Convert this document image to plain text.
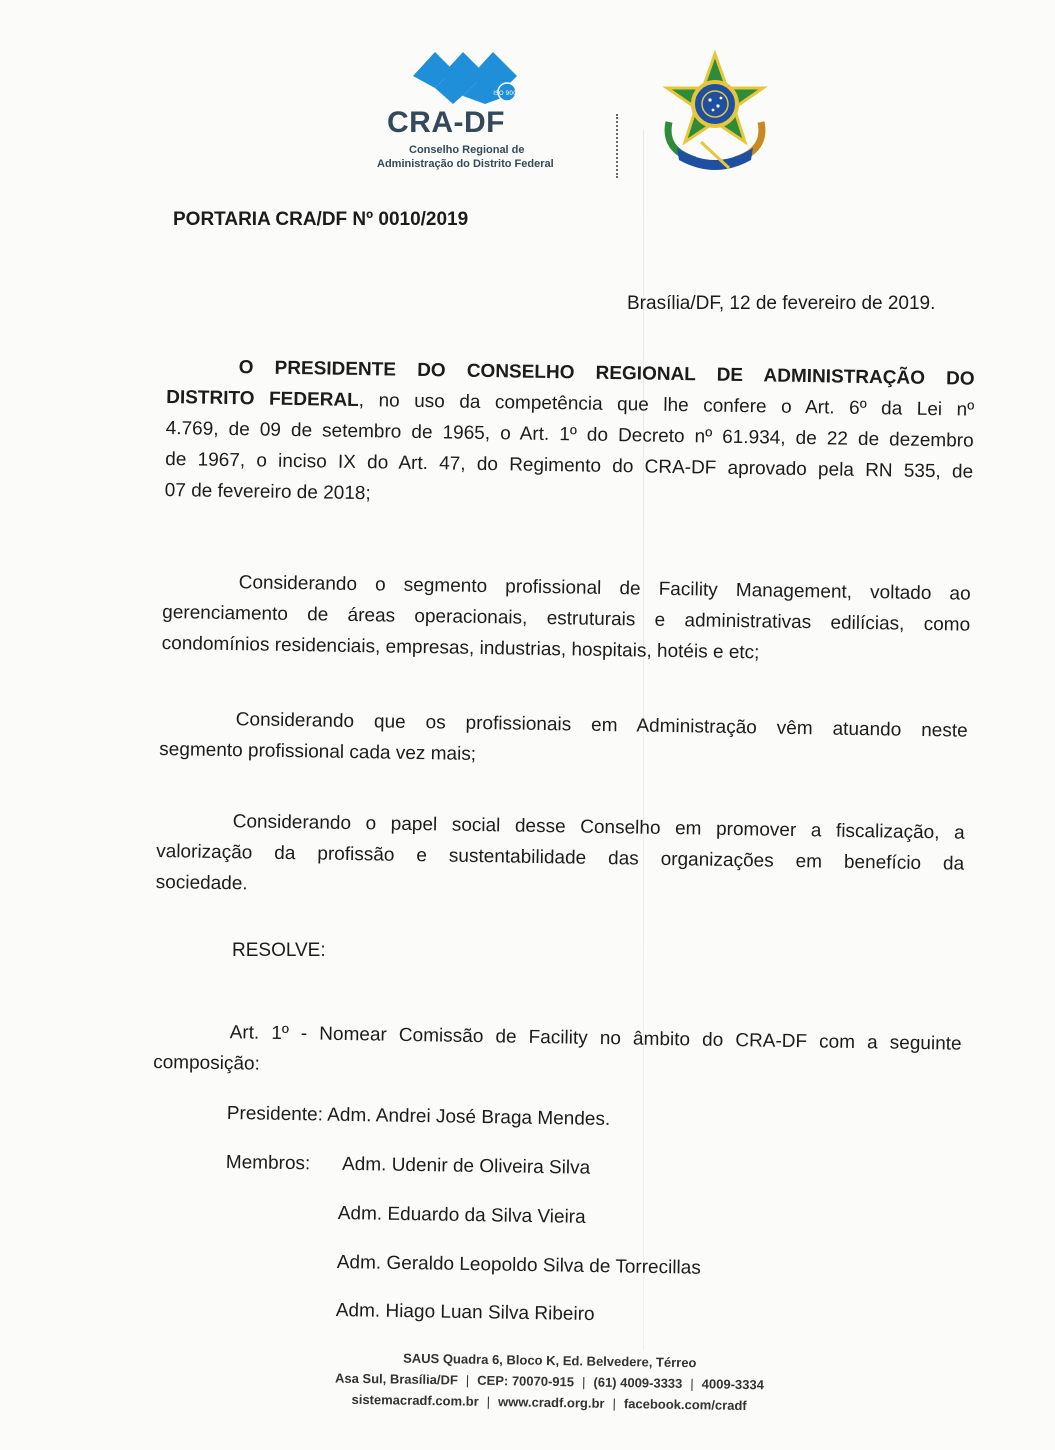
ISO 9001
CRA-DF
Conselho Regional de
Administração do Distrito Federal
PORTARIA CRA/DF Nº 0010/2019
Brasília/DF, 12 de fevereiro de 2019.
O PRESIDENTE DO CONSELHO REGIONAL DE ADMINISTRAÇÃO DO
DISTRITO FEDERAL, no uso da competência que lhe confere o Art. 6º da Lei nº
4.769, de 09 de setembro de 1965, o Art. 1º do Decreto nº 61.934, de 22 de dezembro
de 1967, o inciso IX do Art. 47, do Regimento do CRA-DF aprovado pela RN 535, de
07 de fevereiro de 2018;
Considerando o segmento profissional de Facility Management, voltado ao
gerenciamento de áreas operacionais, estruturais e administrativas edilícias, como
condomínios residenciais, empresas, industrias, hospitais, hotéis e etc;
Considerando que os profissionais em Administração vêm atuando neste
segmento profissional cada vez mais;
Considerando o papel social desse Conselho em promover a fiscalização, a
valorização da profissão e sustentabilidade das organizações em benefício da
sociedade.
RESOLVE:
Art. 1º - Nomear Comissão de Facility no âmbito do CRA-DF com a seguinte
composição:
Presidente: Adm. Andrei José Braga Mendes.
Membros: Adm. Udenir de Oliveira Silva
Adm. Eduardo da Silva Vieira
Adm. Geraldo Leopoldo Silva de Torrecillas
Adm. Hiago Luan Silva Ribeiro
SAUS Quadra 6, Bloco K, Ed. Belvedere, Térreo
Asa Sul, Brasília/DF | CEP: 70070-915 | (61) 4009-3333 | 4009-3334
sistemacradf.com.br | www.cradf.org.br | facebook.com/cradf
